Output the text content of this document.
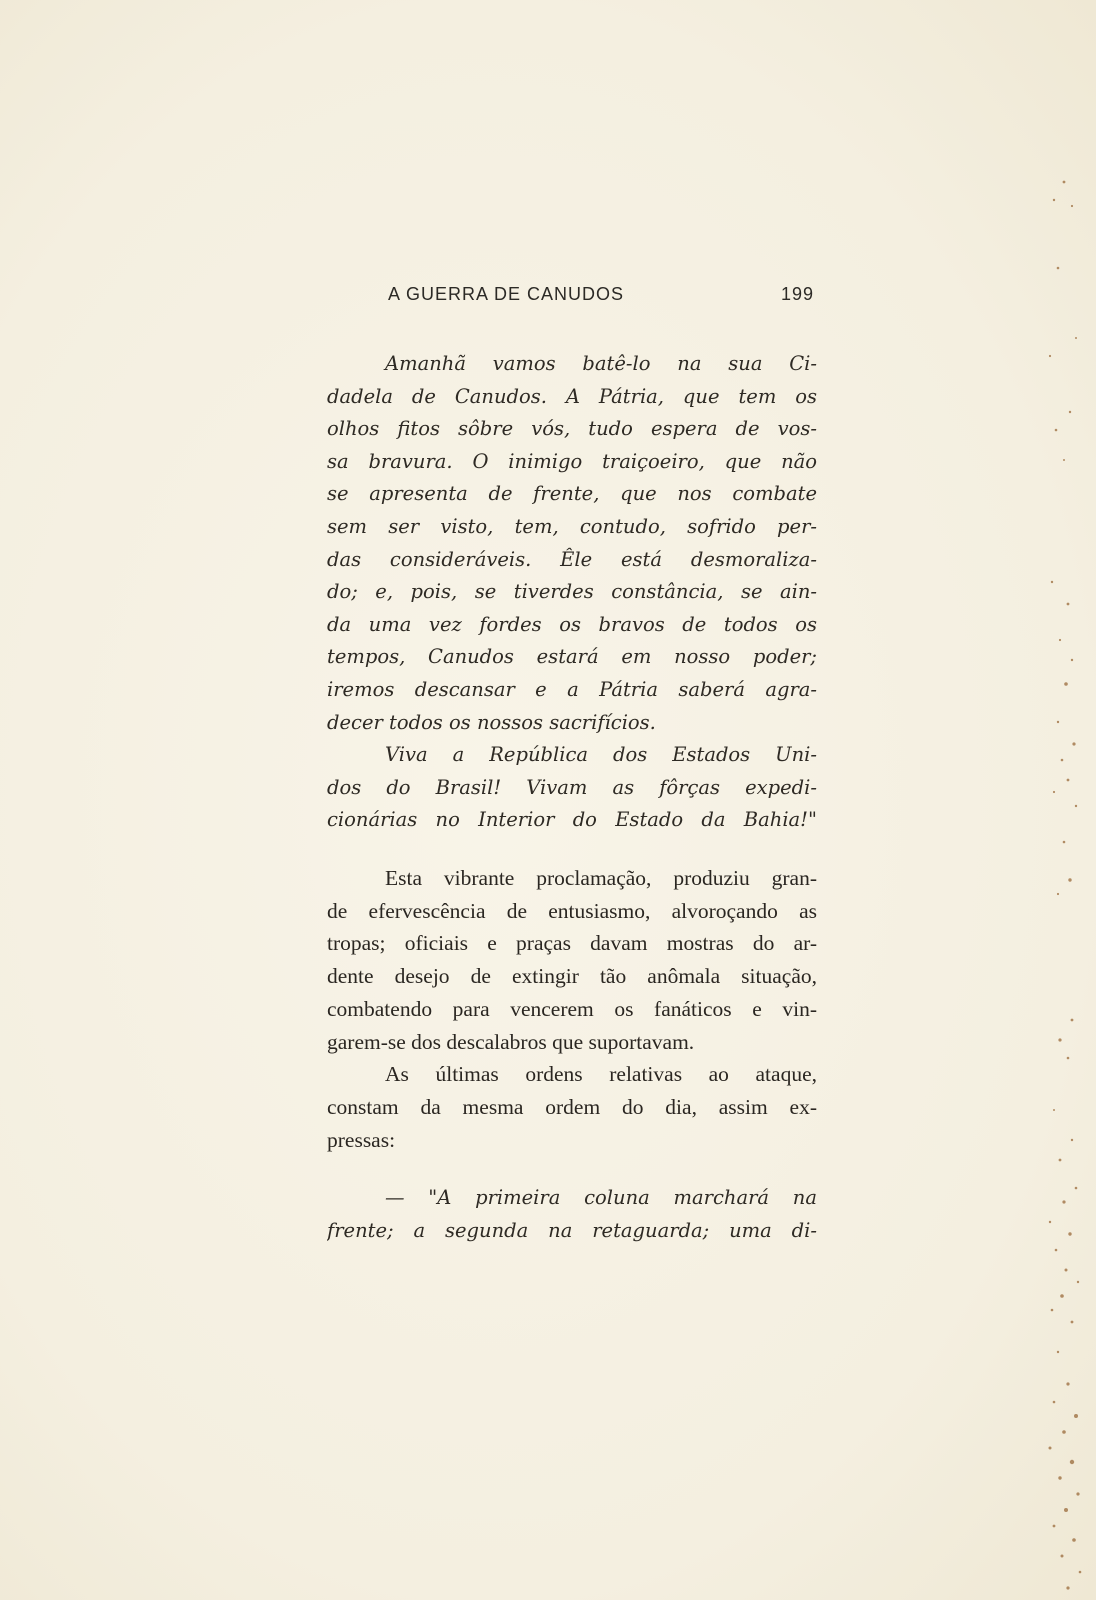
A GUERRA DE CANUDOS	199
Amanhã vamos batê-lo na sua Ci-
dadela de Canudos. A Pátria, que tem os
olhos fitos sôbre vós, tudo espera de vos-
sa bravura. O inimigo traiçoeiro, que não
se apresenta de frente, que nos combate
sem ser visto, tem, contudo, sofrido per-
das consideráveis. Êle está desmoraliza-
do; e, pois, se tiverdes constância, se ain-
da uma vez fordes os bravos de todos os
tempos, Canudos estará em nosso poder;
iremos descansar e a Pátria saberá agra-
decer todos os nossos sacrifícios.
Viva a República dos Estados Uni-
dos do Brasil! Vivam as fôrças expedi-
cionárias no Interior do Estado da Bahia!"
Esta vibrante proclamação, produziu gran-
de efervescência de entusiasmo, alvoroçando as
tropas; oficiais e praças davam mostras do ar-
dente desejo de extingir tão anômala situação,
combatendo para vencerem os fanáticos e vin-
garem-se dos descalabros que suportavam.
As últimas ordens relativas ao ataque,
constam da mesma ordem do dia, assim ex-
pressas:
— "A primeira coluna marchará na
frente; a segunda na retaguarda; uma di-
